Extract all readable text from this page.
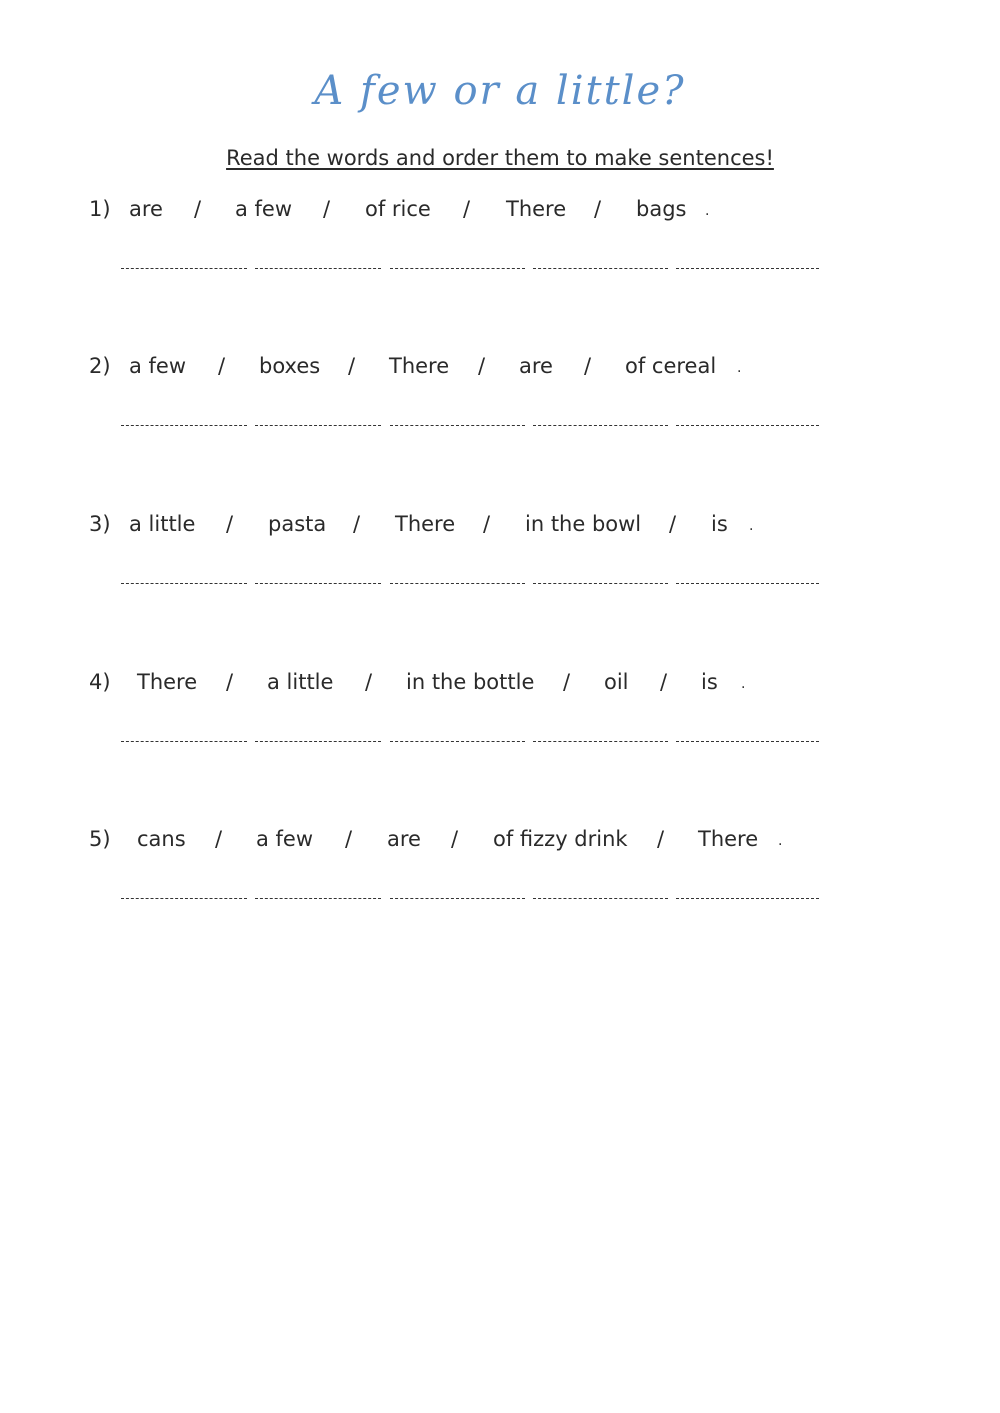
A few or a little?
Read the words and order them to make sentences!
1) are / a few / of rice / There / bags .
2) a few / boxes / There / are / of cereal .
3) a little / pasta / There / in the bowl / is .
4) There / a little / in the bottle / oil / is .
5) cans / a few / are / of fizzy drink / There .
